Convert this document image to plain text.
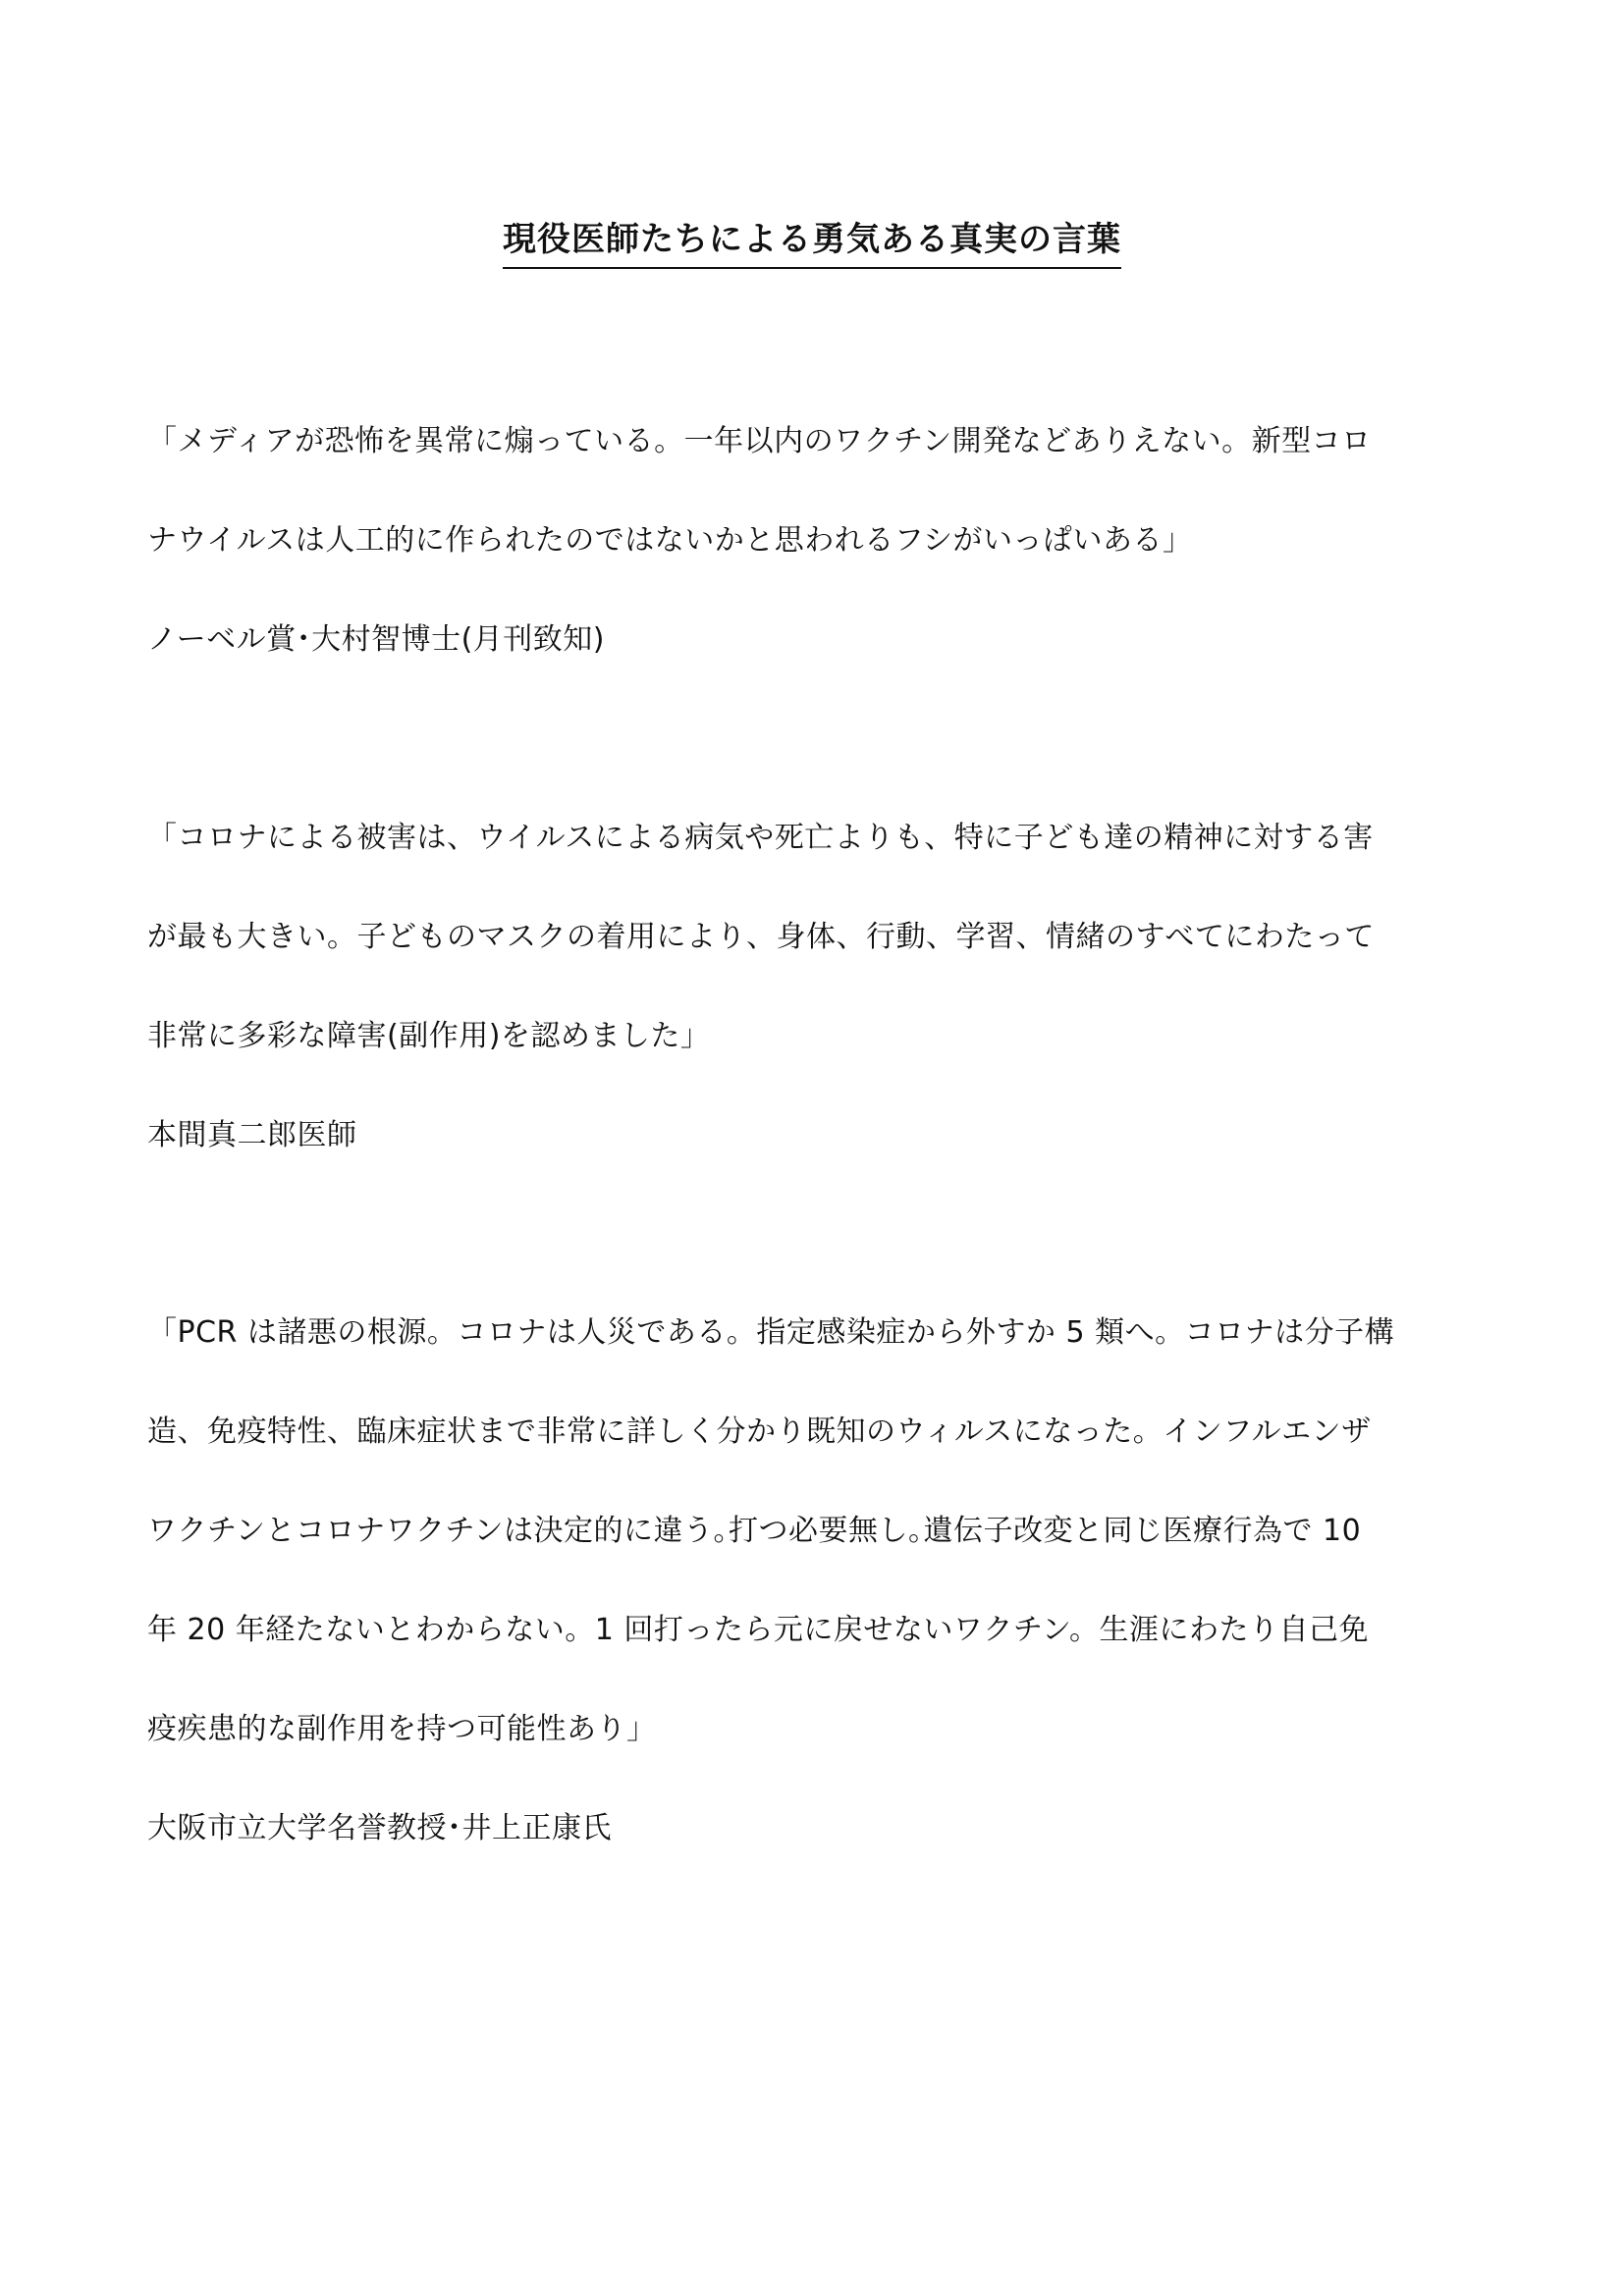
現役医師たちによる勇気ある真実の言葉
「メディアが恐怖を異常に煽っている。一年以内のワクチン開発などありえない。新型コロ
ナウイルスは人工的に作られたのではないかと思われるフシがいっぱいある」
ノーベル賞･大村智博士(月刊致知)
「コロナによる被害は、ウイルスによる病気や死亡よりも、特に子ども達の精神に対する害
が最も大きい。子どものマスクの着用により、身体、行動、学習、情緒のすべてにわたって
非常に多彩な障害(副作用)を認めました」
本間真二郎医師
「PCR は諸悪の根源。コロナは人災である。指定感染症から外すか 5 類へ。コロナは分子構
造、免疫特性、臨床症状まで非常に詳しく分かり既知のウィルスになった。インフルエンザ
ワクチンとコロナワクチンは決定的に違う｡打つ必要無し｡遺伝子改変と同じ医療行為で 10
年 20 年経たないとわからない。1 回打ったら元に戻せないワクチン。生涯にわたり自己免
疫疾患的な副作用を持つ可能性あり」
大阪市立大学名誉教授･井上正康氏
